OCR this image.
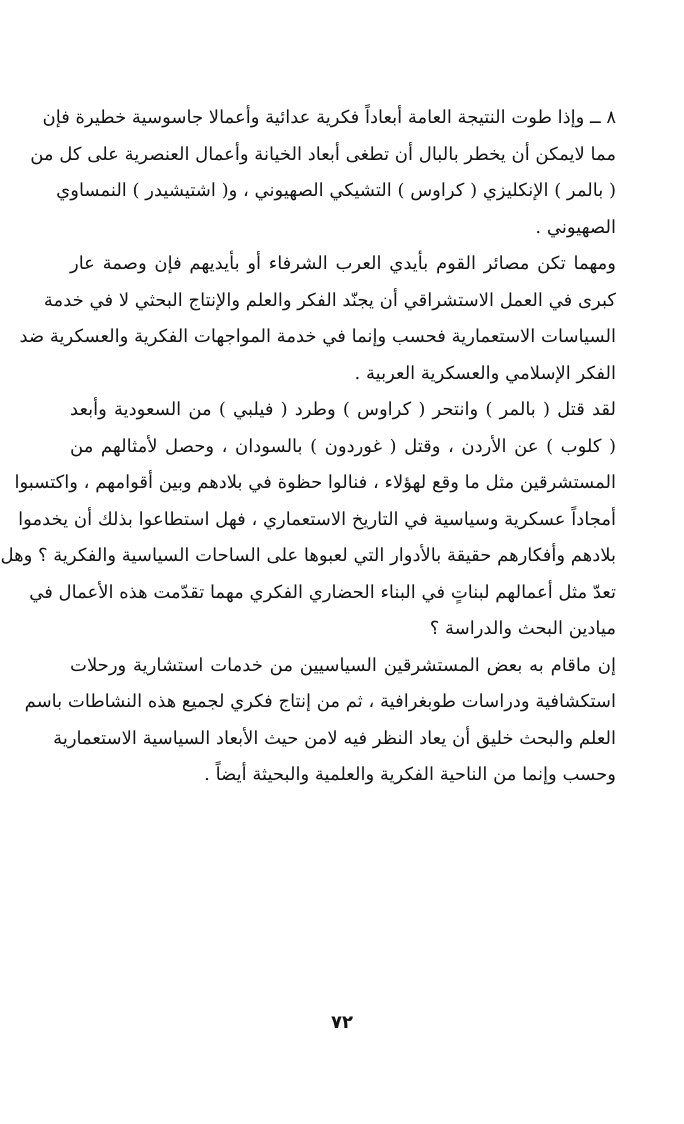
٨ ــ وإذا طوت النتيجة العامة أبعاداً فكرية عدائية وأعمالا جاسوسية خطيرة فإن
مما لايمكن أن يخطر بالبال أن تطغى أبعاد الخيانة وأعمال العنصرية على كل من
( بالمر ) الإنكليزي ( كراوس ) التشيكي الصهيوني ، و( اشتيشيدر ) النمساوي
الصهيوني .
ومهما تكن مصائر القوم بأيدي العرب الشرفاء أو بأيديهم فإن وصمة عار
كبرى في العمل الاستشراقي أن يجنّد الفكر والعلم والإنتاج البحثي لا في خدمة
السياسات الاستعمارية فحسب وإنما في خدمة المواجهات الفكرية والعسكرية ضد
الفكر الإسلامي والعسكرية العربية .
لقد قتل ( بالمر ) وانتحر ( كراوس ) وطرد ( فيلبي ) من السعودية وأبعد
( كلوب ) عن الأردن ، وقتل ( غوردون ) بالسودان ، وحصل لأمثالهم من
المستشرقين مثل ما وقع لهؤلاء ، فنالوا حظوة في بلادهم وبين أقوامهم ، واكتسبوا
أمجاداً عسكرية وسياسية في التاريخ الاستعماري ، فهل استطاعوا بذلك أن يخدموا
بلادهم وأفكارهم حقيقة بالأدوار التي لعبوها على الساحات السياسية والفكرية ؟ وهل
تعدّ مثل أعمالهم لبناتٍ في البناء الحضاري الفكري مهما تقدّمت هذه الأعمال في
ميادين البحث والدراسة ؟
إن ماقام به بعض المستشرقين السياسيين من خدمات استشارية ورحلات
استكشافية ودراسات طوبغرافية ، ثم من إنتاج فكري لجميع هذه النشاطات باسم
العلم والبحث خليق أن يعاد النظر فيه لامن حيث الأبعاد السياسية الاستعمارية
وحسب وإنما من الناحية الفكرية والعلمية والبحيثة أيضاً .
٧٢
